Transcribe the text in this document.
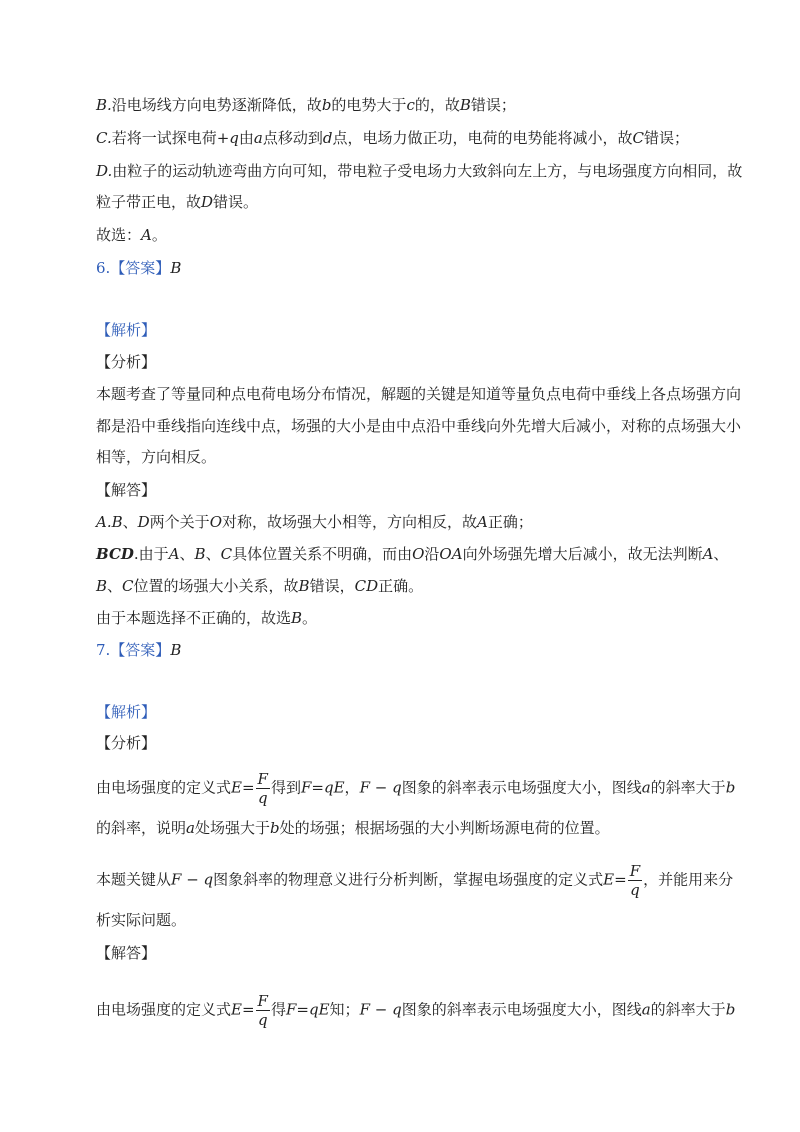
B.沿电场线方向电势逐渐降低，故b的电势大于c的，故B错误；
C.若将一试探电荷+q由a点移动到d点，电场力做正功，电荷的电势能将减小，故C错误；
D.由粒子的运动轨迹弯曲方向可知，带电粒子受电场力大致斜向左上方，与电场强度方向相同，故
粒子带正电，故D错误。
故选：A。
6.【答案】B
【解析】
【分析】
本题考查了等量同种点电荷电场分布情况，解题的关键是知道等量负点电荷中垂线上各点场强方向
都是沿中垂线指向连线中点，场强的大小是由中点沿中垂线向外先增大后减小，对称的点场强大小
相等，方向相反。
【解答】
A.B、D两个关于O对称，故场强大小相等，方向相反，故A正确；
BCD.由于A、B、C具体位置关系不明确，而由O沿OA向外场强先增大后减小，故无法判断A、
B、C位置的场强大小关系，故B错误，CD正确。
由于本题选择不正确的，故选B。
7.【答案】B
【解析】
【分析】
由电场强度的定义式$E= \frac{F}{q}$ 得到F=qE，F − q图象的斜率表示电场强度大小，图线a的斜率大于b
的斜率，说明a处场强大于b处的场强；根据场强的大小判断场源电荷的位置。
本题关键从F − q图象斜率的物理意义进行分析判断，掌握电场强度的定义式$E= \frac{F}{q}$ ，并能用来分
析实际问题。
【解答】
由电场强度的定义式$E= \frac{F}{q}$ 得F=qE知；F − q图象的斜率表示电场强度大小，图线a的斜率大于b
